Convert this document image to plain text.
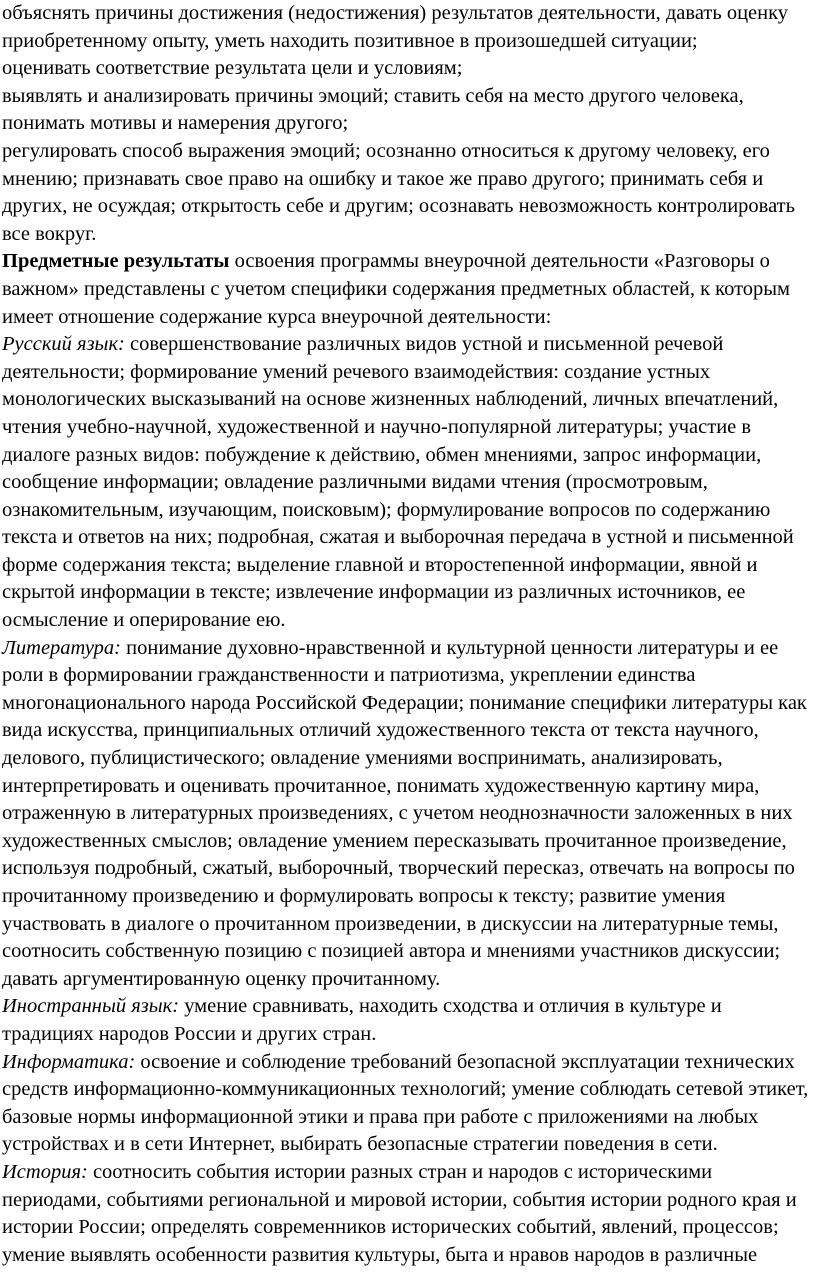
объяснять причины достижения (недостижения) результатов деятельности, давать оценку приобретенному опыту, уметь находить позитивное в произошедшей ситуации;

оценивать соответствие результата цели и условиям;

выявлять и анализировать причины эмоций; ставить себя на место другого человека, понимать мотивы и намерения другого;

регулировать способ выражения эмоций; осознанно относиться к другому человеку, его мнению; признавать свое право на ошибку и такое же право другого; принимать себя и других, не осуждая; открытость себе и другим; осознавать невозможность контролировать все вокруг.

Предметные результаты освоения программы внеурочной деятельности «Разговоры о важном» представлены с учетом специфики содержания предметных областей, к которым имеет отношение содержание курса внеурочной деятельности:

Русский язык: совершенствование различных видов устной и письменной речевой деятельности; формирование умений речевого взаимодействия: создание устных монологических высказываний на основе жизненных наблюдений, личных впечатлений, чтения учебно-научной, художественной и научно-популярной литературы; участие в диалоге разных видов: побуждение к действию, обмен мнениями, запрос информации, сообщение информации; овладение различными видами чтения (просмотровым, ознакомительным, изучающим, поисковым); формулирование вопросов по содержанию текста и ответов на них; подробная, сжатая и выборочная передача в устной и письменной форме содержания текста; выделение главной и второстепенной информации, явной и скрытой информации в тексте; извлечение информации из различных источников, ее осмысление и оперирование ею.

Литература: понимание духовно-нравственной и культурной ценности литературы и ее роли в формировании гражданственности и патриотизма, укреплении единства многонационального народа Российской Федерации; понимание специфики литературы как вида искусства, принципиальных отличий художественного текста от текста научного, делового, публицистического; овладение умениями воспринимать, анализировать, интерпретировать и оценивать прочитанное, понимать художественную картину мира, отраженную в литературных произведениях, с учетом неоднозначности заложенных в них художественных смыслов; овладение умением пересказывать прочитанное произведение, используя подробный, сжатый, выборочный, творческий пересказ, отвечать на вопросы по прочитанному произведению и формулировать вопросы к тексту; развитие умения участвовать в диалоге о прочитанном произведении, в дискуссии на литературные темы, соотносить собственную позицию с позицией автора и мнениями участников дискуссии; давать аргументированную оценку прочитанному.

Иностранный язык: умение сравнивать, находить сходства и отличия в культуре и традициях народов России и других стран.

Информатика: освоение и соблюдение требований безопасной эксплуатации технических средств информационно-коммуникационных технологий; умение соблюдать сетевой этикет, базовые нормы информационной этики и права при работе с приложениями на любых устройствах и в сети Интернет, выбирать безопасные стратегии поведения в сети.

История: соотносить события истории разных стран и народов с историческими периодами, событиями региональной и мировой истории, события истории родного края и истории России; определять современников исторических событий, явлений, процессов; умение выявлять особенности развития культуры, быта и нравов народов в различные
